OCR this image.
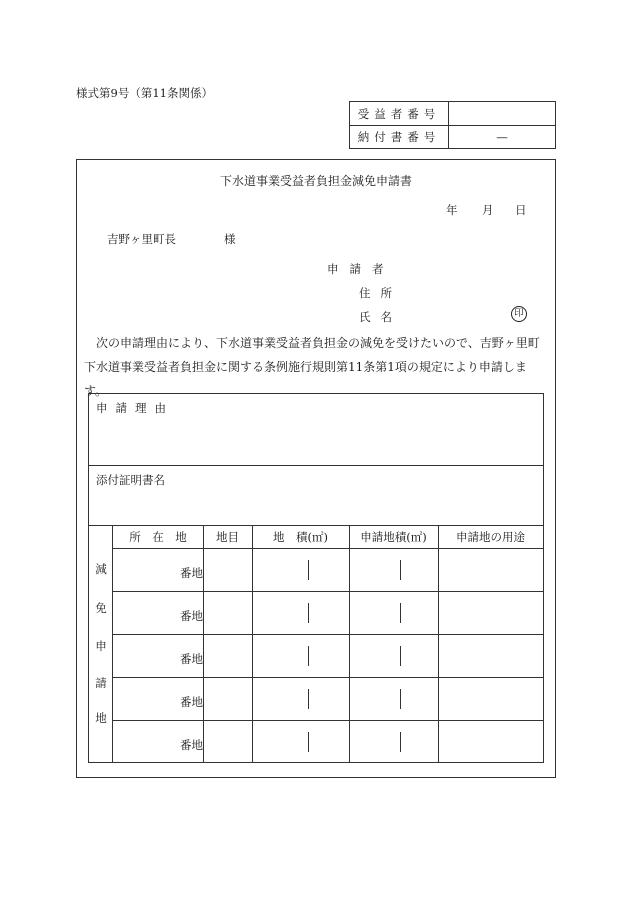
様式第9号（第11条関係）
受益者番号
納付書番号	—
下水道事業受益者負担金減免申請書
年 月 日
吉野ヶ里町長	様
申請者
住所
氏名	印
次の申請理由により、下水道事業受益者負担金の減免を受けたいので、吉野ヶ里町下水道事業受益者負担金に関する条例施行規則第11条第1項の規定により申請します。
申請理由
添付証明書名
減
免
申
請
地
所　在　地	地目	地　積(㎡)	申請地積(㎡)	申請地の用途
番地
番地
番地
番地
番地
